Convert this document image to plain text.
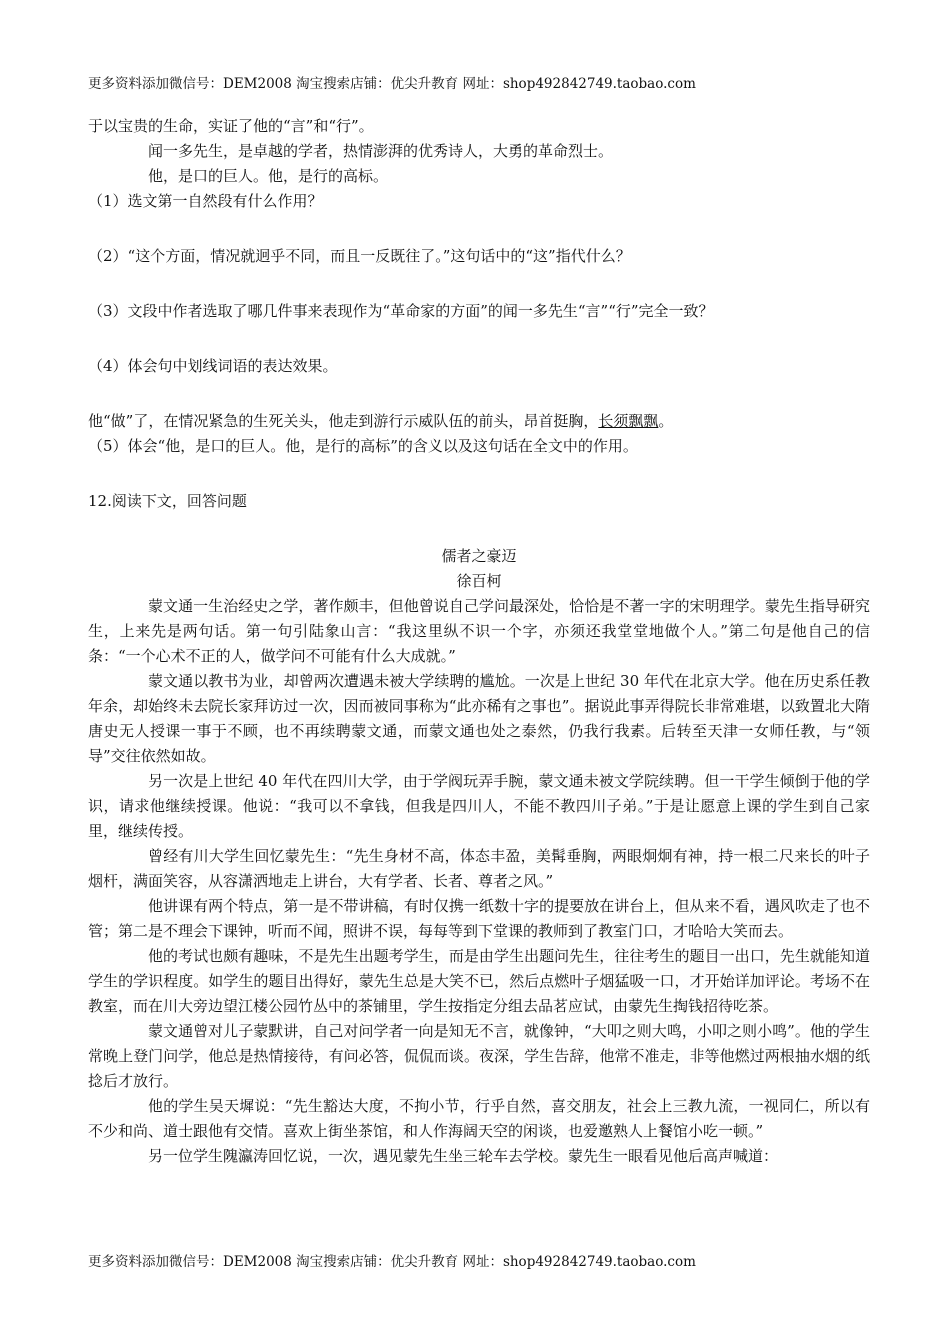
更多资料添加微信号：DEM2008 淘宝搜索店铺：优尖升教育 网址：shop492842749.taobao.com

于以宝贵的生命，实证了他的“言”和“行”。

闻一多先生，是卓越的学者，热情澎湃的优秀诗人，大勇的革命烈士。

他，是口的巨人。他，是行的高标。

（1）选文第一自然段有什么作用？

（2）“这个方面，情况就迥乎不同，而且一反既往了。”这句话中的“这”指代什么？

（3）文段中作者选取了哪几件事来表现作为“革命家的方面”的闻一多先生“言”“行”完全一致？

（4）体会句中划线词语的表达效果。

他“做”了，在情况紧急的生死关头，他走到游行示威队伍的前头，昂首挺胸，长须飘飘。

（5）体会“他，是口的巨人。他，是行的高标”的含义以及这句话在全文中的作用。

12.阅读下文，回答问题

儒者之豪迈

徐百柯

蒙文通一生治经史之学，著作颇丰，但他曾说自己学问最深处，恰恰是不著一字的宋明理学。蒙先生指导研究生，上来先是两句话。第一句引陆象山言：“我这里纵不识一个字，亦须还我堂堂地做个人。”第二句是他自己的信条：“一个心术不正的人，做学问不可能有什么大成就。”

蒙文通以教书为业，却曾两次遭遇未被大学续聘的尴尬。一次是上世纪 30 年代在北京大学。他在历史系任教年余，却始终未去院长家拜访过一次，因而被同事称为“此亦稀有之事也”。据说此事弄得院长非常难堪，以致置北大隋唐史无人授课一事于不顾，也不再续聘蒙文通，而蒙文通也处之泰然，仍我行我素。后转至天津一女师任教，与“领导”交往依然如故。

另一次是上世纪 40 年代在四川大学，由于学阀玩弄手腕，蒙文通未被文学院续聘。但一干学生倾倒于他的学识，请求他继续授课。他说：“我可以不拿钱，但我是四川人，不能不教四川子弟。”于是让愿意上课的学生到自己家里，继续传授。

曾经有川大学生回忆蒙先生：“先生身材不高，体态丰盈，美髯垂胸，两眼炯炯有神，持一根二尺来长的叶子烟杆，满面笑容，从容潇洒地走上讲台，大有学者、长者、尊者之风。”

他讲课有两个特点，第一是不带讲稿，有时仅携一纸数十字的提要放在讲台上，但从来不看，遇风吹走了也不管；第二是不理会下课钟，听而不闻，照讲不误，每每等到下堂课的教师到了教室门口，才哈哈大笑而去。

他的考试也颇有趣味，不是先生出题考学生，而是由学生出题问先生，往往考生的题目一出口，先生就能知道学生的学识程度。如学生的题目出得好，蒙先生总是大笑不已，然后点燃叶子烟猛吸一口，才开始详加评论。考场不在教室，而在川大旁边望江楼公园竹丛中的茶铺里，学生按指定分组去品茗应试，由蒙先生掏钱招待吃茶。

蒙文通曾对儿子蒙默讲，自己对问学者一向是知无不言，就像钟，“大叩之则大鸣，小叩之则小鸣”。他的学生常晚上登门问学，他总是热情接待，有问必答，侃侃而谈。夜深，学生告辞，他常不准走，非等他燃过两根抽水烟的纸捻后才放行。

他的学生吴天墀说：“先生豁达大度，不拘小节，行乎自然，喜交朋友，社会上三教九流，一视同仁，所以有不少和尚、道士跟他有交情。喜欢上街坐茶馆，和人作海阔天空的闲谈，也爱邀熟人上餐馆小吃一顿。”

另一位学生隗瀛涛回忆说，一次，遇见蒙先生坐三轮车去学校。蒙先生一眼看见他后高声喊道：

更多资料添加微信号：DEM2008 淘宝搜索店铺：优尖升教育 网址：shop492842749.taobao.com
